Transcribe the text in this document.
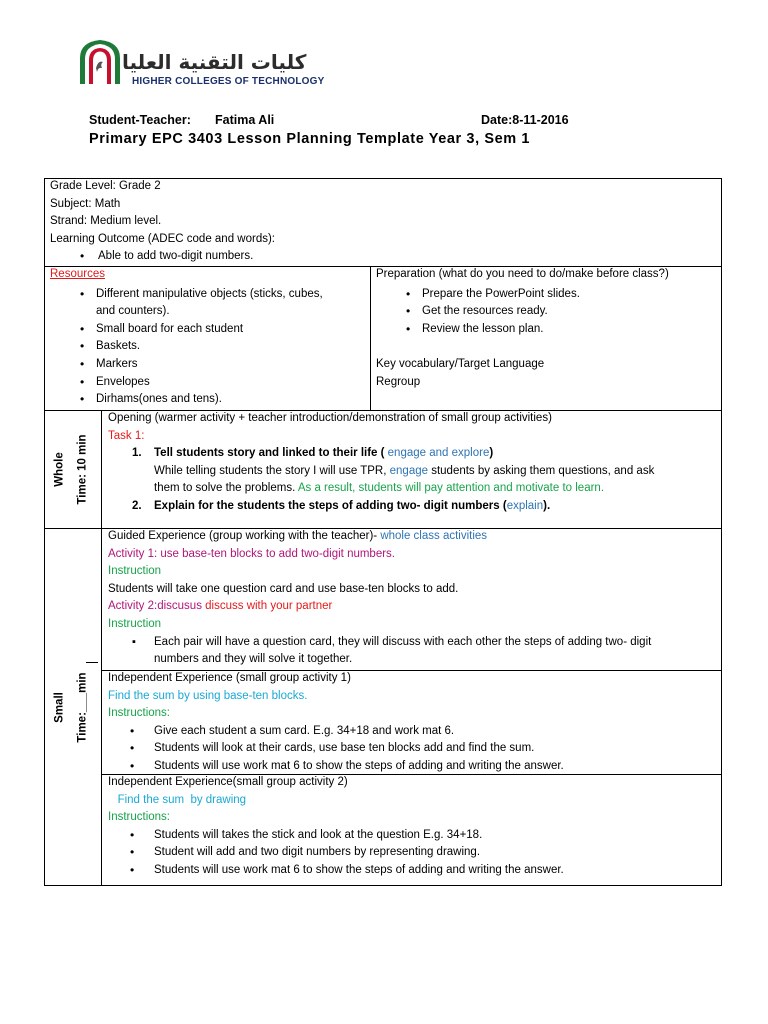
كليات التقنية العليا
HIGHER COLLEGES OF TECHNOLOGY
Student-Teacher: Fatima Ali	Date:8-11-2016
Primary EPC 3403 Lesson Planning Template Year 3, Sem 1

Grade Level: Grade 2

Subject: Math

Strand: Medium level.

Learning Outcome (ADEC code and words):

• Able to add two-digit numbers.

Resources

• Different manipulative objects (sticks, cubes,

and counters).

• Small board for each student

• Baskets.

• Markers

• Envelopes

• Dirhams(ones and tens).

Preparation (what do you need to do/make before class?)

• Prepare the PowerPoint slides.

• Get the resources ready.

• Review the lesson plan.

Key vocabulary/Target Language

Regroup

Whole Time: 10 min

Opening (warmer activity + teacher introduction/demonstration of small group activities)

Task 1:

1. Tell students story and linked to their life ( engage and explore)

While telling students the story I will use TPR, engage students by asking them questions, and ask

them to solve the problems. As a result, students will pay attention and motivate to learn.

2. Explain for the students the steps of adding two- digit numbers (explain).

Small Time:___min

Guided Experience (group working with the teacher)- whole class activities

Activity 1: use base-ten blocks to add two-digit numbers.

Instruction

Students will take one question card and use base-ten blocks to add.

Activity 2:discusus discuss with your partner

Instruction

▪ Each pair will have a question card, they will discuss with each other the steps of adding two- digit

numbers and they will solve it together.

Independent Experience (small group activity 1)

Find the sum by using base-ten blocks.

Instructions:

• Give each student a sum card. E.g. 34+18 and work mat 6.

• Students will look at their cards, use base ten blocks add and find the sum.

• Students will use work mat 6 to show the steps of adding and writing the answer.

Independent Experience(small group activity 2)

Find the sum  by drawing

Instructions:

• Students will takes the stick and look at the question E.g. 34+18.

• Student will add and two digit numbers by representing drawing.

• Students will use work mat 6 to show the steps of adding and writing the answer.
